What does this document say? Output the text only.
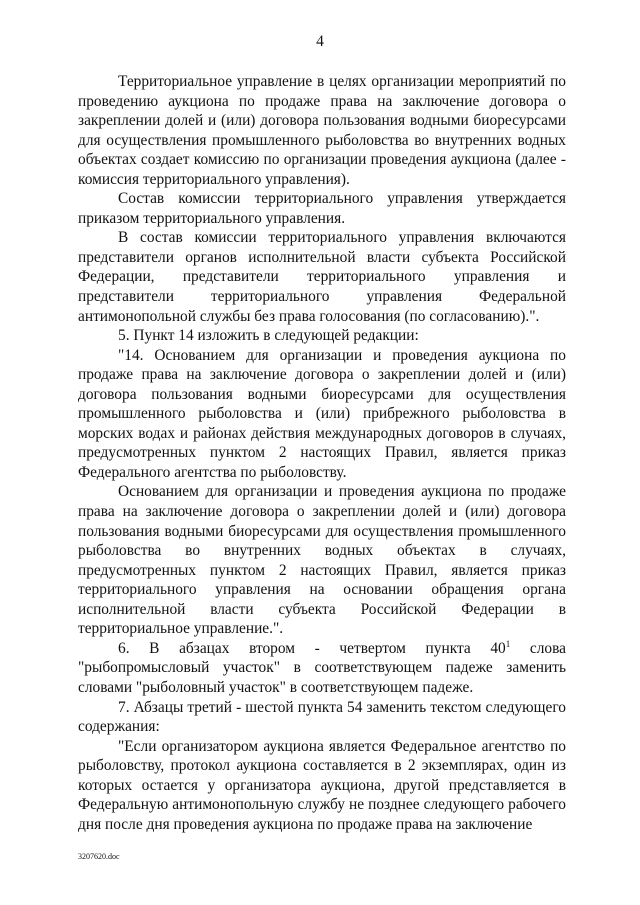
4

Территориальное управление в целях организации мероприятий по проведению аукциона по продаже права на заключение договора о закреплении долей и (или) договора пользования водными биоресурсами для осуществления промышленного рыболовства во внутренних водных объектах создает комиссию по организации проведения аукциона (далее - комиссия территориального управления).

Состав комиссии территориального управления утверждается приказом территориального управления.

В состав комиссии территориального управления включаются представители органов исполнительной власти субъекта Российской Федерации, представители территориального управления и представители территориального управления Федеральной антимонопольной службы без права голосования (по согласованию).".

5. Пункт 14 изложить в следующей редакции:

"14. Основанием для организации и проведения аукциона по продаже права на заключение договора о закреплении долей и (или) договора пользования водными биоресурсами для осуществления промышленного рыболовства и (или) прибрежного рыболовства в морских водах и районах действия международных договоров в случаях, предусмотренных пунктом 2 настоящих Правил, является приказ Федерального агентства по рыболовству.

Основанием для организации и проведения аукциона по продаже права на заключение договора о закреплении долей и (или) договора пользования водными биоресурсами для осуществления промышленного рыболовства во внутренних водных объектах в случаях, предусмотренных пунктом 2 настоящих Правил, является приказ территориального управления на основании обращения органа исполнительной власти субъекта Российской Федерации в территориальное управление.".

6. В абзацах втором - четвертом пункта $40^1$ слова "рыбопромысловый участок" в соответствующем падеже заменить словами "рыболовный участок" в соответствующем падеже.

7. Абзацы третий - шестой пункта 54 заменить текстом следующего содержания:

"Если организатором аукциона является Федеральное агентство по рыболовству, протокол аукциона составляется в 2 экземплярах, один из которых остается у организатора аукциона, другой представляется в Федеральную антимонопольную службу не позднее следующего рабочего дня после дня проведения аукциона по продаже права на заключение

3207620.doc
